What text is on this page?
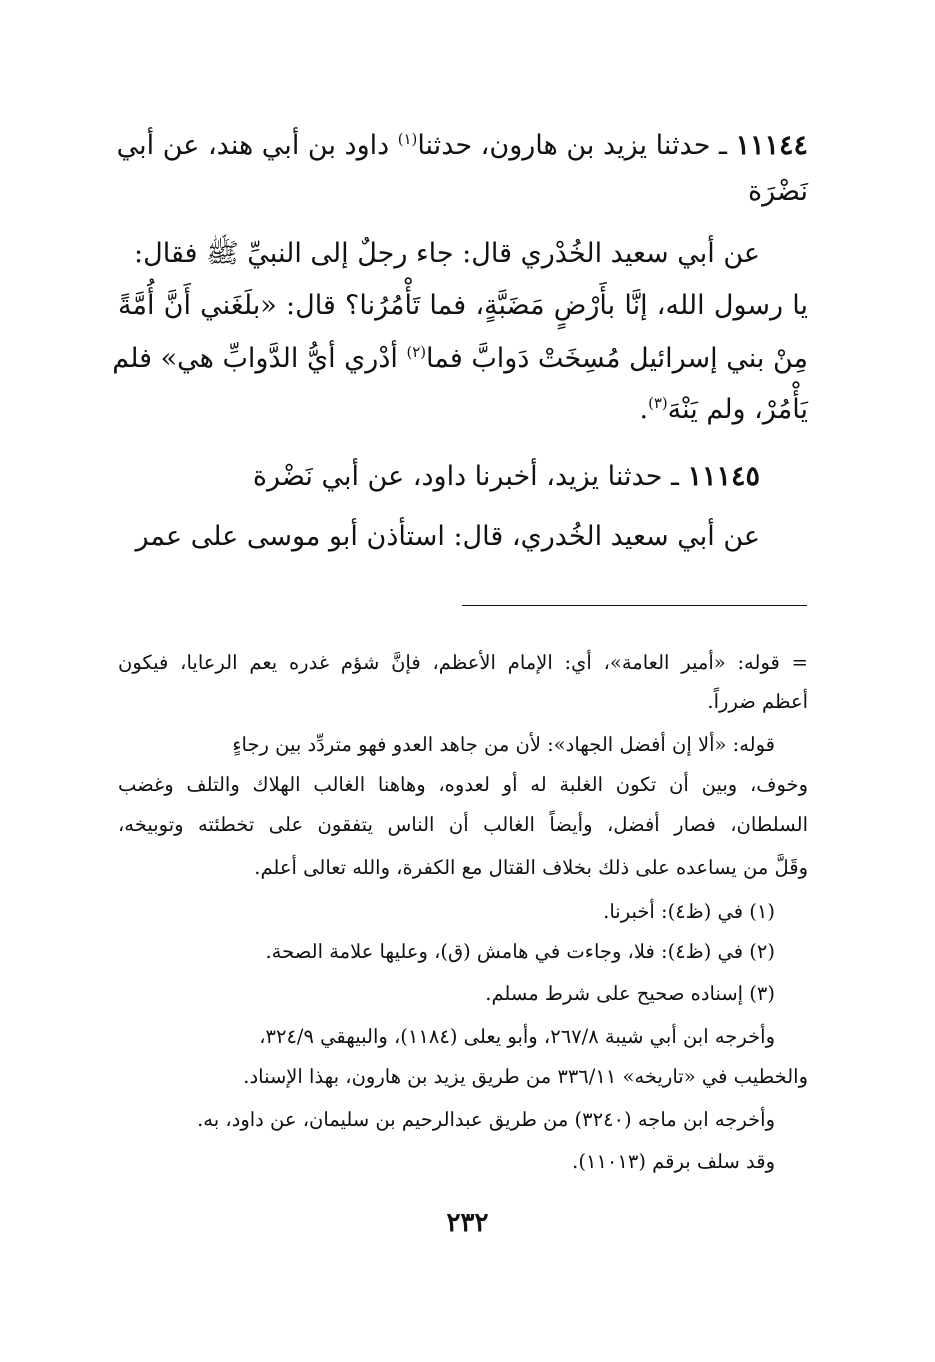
١١١٤٤ ـ حدثنا يزيد بن هارون، حدثنا$^{(١)}$ داود بن أبي هند، عن أبي
نَضْرَة
عن أبي سعيد الخُدْري قال: جاء رجلٌ إلى النبيِّ ﷺ فقال:
يا رسول الله، إنَّا بأَرْضٍ مَضَبَّةٍ، فما تَأْمُرُنا؟ قال: «بلَغَني أَنَّ أُمَّةً
مِنْ بني إسرائيل مُسِخَتْ دَوابَّ فما$^{(٢)}$ أدْري أيُّ الدَّوابِّ هي» فلم
يَأْمُرْ، ولم يَنْهَ$^{(٣)}$.
١١١٤٥ ـ حدثنا يزيد، أخبرنا داود، عن أبي نَضْرة
عن أبي سعيد الخُدري، قال: استأذن أبو موسى على عمر
= قوله: «أمير العامة»، أي: الإمام الأعظم، فإنَّ شؤم غدره يعم الرعايا، فيكون
أعظم ضرراً.
قوله: «ألا إن أفضل الجهاد»: لأن من جاهد العدو فهو متردِّد بين رجاءٍ
وخوف، وبين أن تكون الغلبة له أو لعدوه، وهاهنا الغالب الهلاك والتلف وغضب
السلطان، فصار أفضل، وأيضاً الغالب أن الناس يتفقون على تخطئته وتوبيخه،
وقَلَّ من يساعده على ذلك بخلاف القتال مع الكفرة، والله تعالى أعلم.
(١) في (ظ٤): أخبرنا.
(٢) في (ظ٤): فلا، وجاءت في هامش (ق)، وعليها علامة الصحة.
(٣) إسناده صحيح على شرط مسلم.
وأخرجه ابن أبي شيبة ٢٦٧/٨، وأبو يعلى (١١٨٤)، والبيهقي ٣٢٤/٩،
والخطيب في «تاريخه» ٣٣٦/١١ من طريق يزيد بن هارون، بهذا الإسناد.
وأخرجه ابن ماجه (٣٢٤٠) من طريق عبدالرحيم بن سليمان، عن داود، به.
وقد سلف برقم (١١٠١٣).
٢٣٢
